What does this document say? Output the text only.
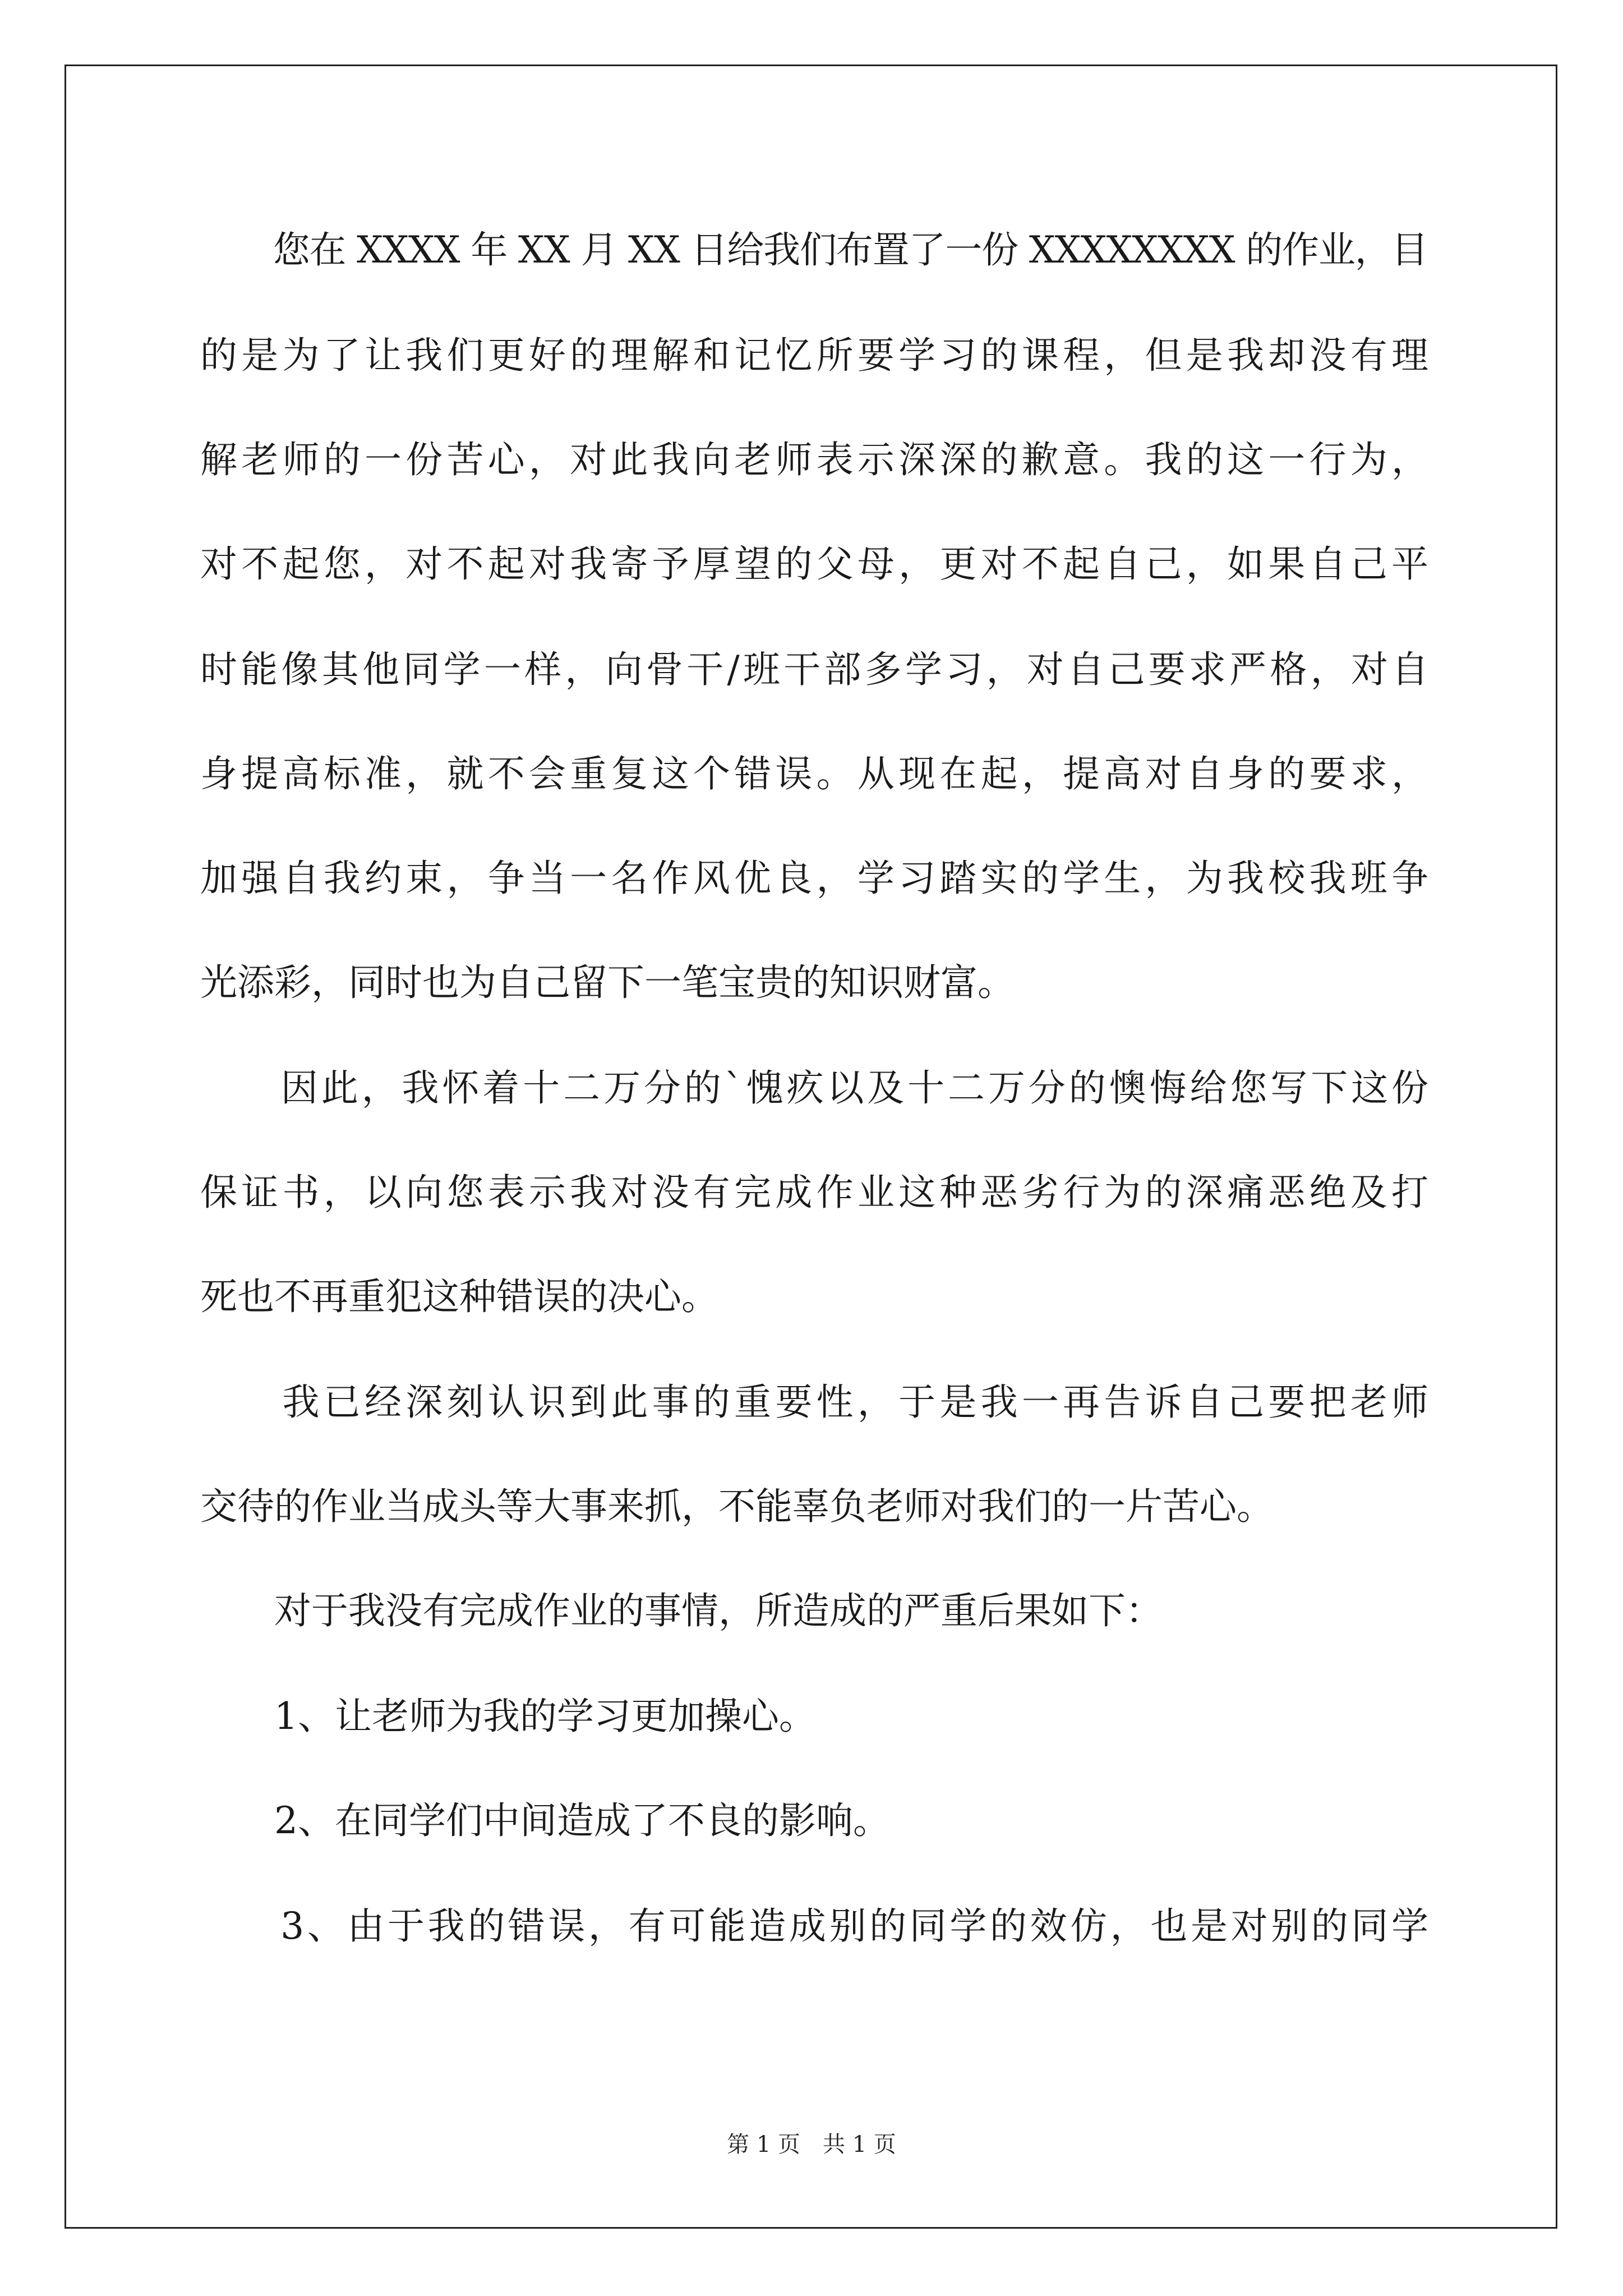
　　您在 XXXX 年 XX 月 XX 日给我们布置了一份 XXXXXXXX 的作业，目
的是为了让我们更好的理解和记忆所要学习的课程，但是我却没有理
解老师的一份苦心，对此我向老师表示深深的歉意。我的这一行为，
对不起您，对不起对我寄予厚望的父母，更对不起自己，如果自己平
时能像其他同学一样，向骨干/班干部多学习，对自己要求严格，对自
身提高标准，就不会重复这个错误。从现在起，提高对自身的要求，
加强自我约束，争当一名作风优良，学习踏实的学生，为我校我班争
光添彩，同时也为自己留下一笔宝贵的知识财富。
　　因此，我怀着十二万分的`愧疚以及十二万分的懊悔给您写下这份
保证书，以向您表示我对没有完成作业这种恶劣行为的深痛恶绝及打
死也不再重犯这种错误的决心。
　　我已经深刻认识到此事的重要性，于是我一再告诉自己要把老师
交待的作业当成头等大事来抓，不能辜负老师对我们的一片苦心。
　　对于我没有完成作业的事情，所造成的严重后果如下：
　　1、让老师为我的学习更加操心。
　　2、在同学们中间造成了不良的影响。
　　3、由于我的错误，有可能造成别的同学的效仿，也是对别的同学
第 1 页　共 1 页
